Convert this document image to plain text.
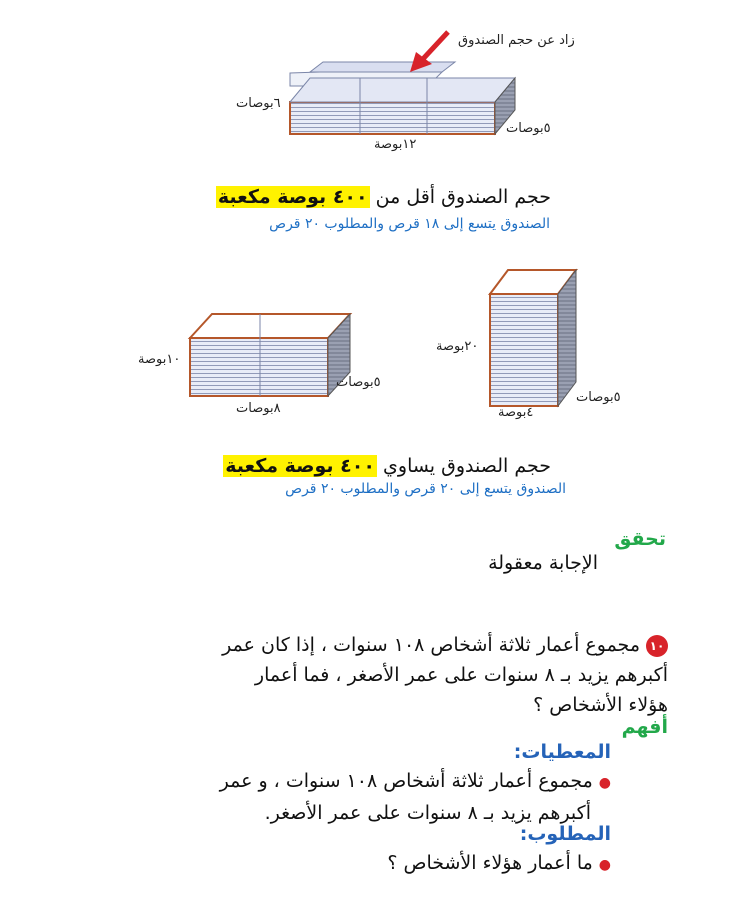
زاد عن حجم الصندوق
٦بوصات
٥بوصات
١٢بوصة
حجم الصندوق أقل من ٤٠٠ بوصة مكعبة
الصندوق يتسع إلى ١٨ قرص والمطلوب ٢٠ قرص
١٠بوصة
٥بوصات
٨بوصات
٢٠بوصة
٥بوصات
٤بوصة
حجم الصندوق يساوي ٤٠٠ بوصة مكعبة
الصندوق يتسع إلى ٢٠ قرص والمطلوب ٢٠ قرص
تحقق
الإجابة معقولة
١٠مجموع أعمار ثلاثة أشخاص ١٠٨ سنوات ، إذا كان عمر
أكبرهم يزيد بـ ٨ سنوات على عمر الأصغر ، فما أعمار
هؤلاء الأشخاص ؟
أفهم
المعطيات:
●مجموع أعمار ثلاثة أشخاص ١٠٨ سنوات ، و عمر
أكبرهم يزيد بـ ٨ سنوات على عمر الأصغر.
المطلوب:
●ما أعمار هؤلاء الأشخاص ؟
